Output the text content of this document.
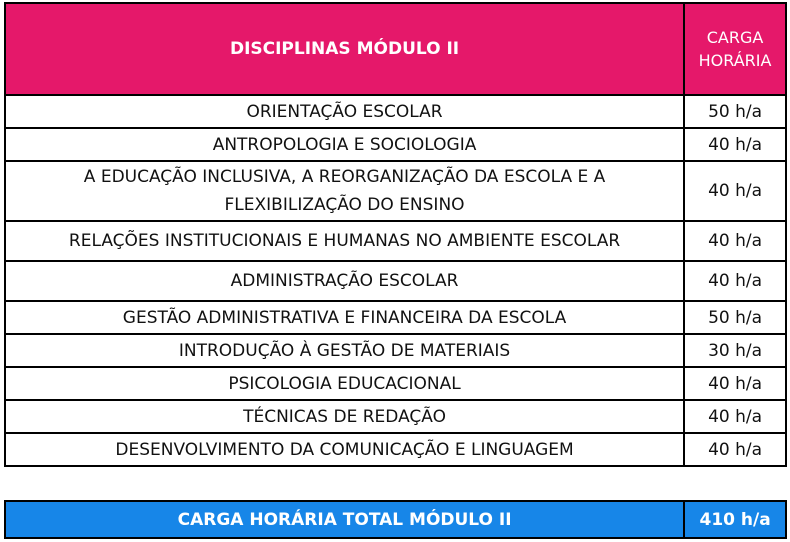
DISCIPLINAS MÓDULO II	CARGA
HORÁRIA
ORIENTAÇÃO ESCOLAR	50 h/a
ANTROPOLOGIA E SOCIOLOGIA	40 h/a
A EDUCAÇÃO INCLUSIVA, A REORGANIZAÇÃO DA ESCOLA E A
FLEXIBILIZAÇÃO DO ENSINO	40 h/a
RELAÇÕES INSTITUCIONAIS E HUMANAS NO AMBIENTE ESCOLAR	40 h/a
ADMINISTRAÇÃO ESCOLAR	40 h/a
GESTÃO ADMINISTRATIVA E FINANCEIRA DA ESCOLA	50 h/a
INTRODUÇÃO À GESTÃO DE MATERIAIS	30 h/a
PSICOLOGIA EDUCACIONAL	40 h/a
TÉCNICAS DE REDAÇÃO	40 h/a
DESENVOLVIMENTO DA COMUNICAÇÃO E LINGUAGEM	40 h/a
CARGA HORÁRIA TOTAL MÓDULO II	410 h/a
